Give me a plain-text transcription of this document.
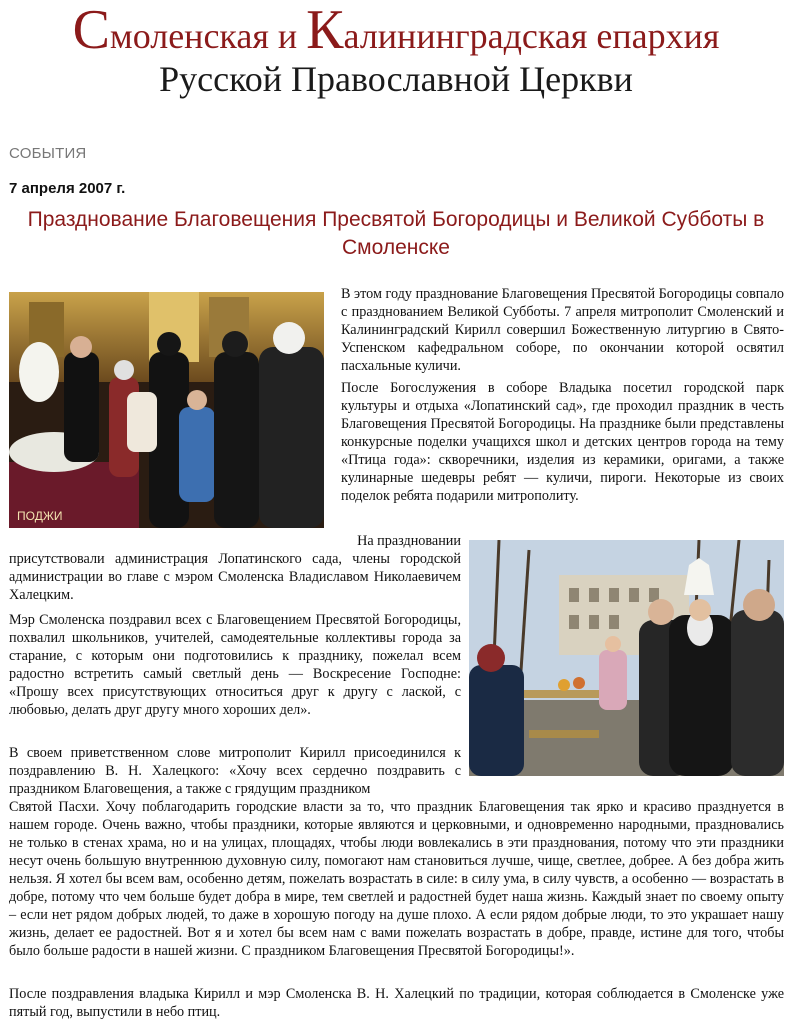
Смоленская и Калининградская епархия
Русской Православной Церкви
СОБЫТИЯ
7 апреля 2007 г.
Празднование Благовещения Пресвятой Богородицы и Великой Субботы в Смоленске
ПОДЖИ
В этом году празднование Благовещения Пресвятой Богородицы совпало с празднованием Великой Субботы. 7 апреля митрополит Смоленский и Калининградский Кирилл совершил Божественную литургию в Свято-Успенском кафедральном соборе, по окончании которой освятил пасхальные куличи.
После Богослужения в соборе Владыка посетил городской парк культуры и отдыха «Лопатинский сад», где проходил праздник в честь Благовещения Пресвятой Богородицы. На празднике были представлены конкурсные поделки учащихся школ и детских центров города на тему «Птица года»: скворечники, изделия из керамики, оригами, а также кулинарные шедевры ребят — куличи, пироги. Некоторые из своих поделок ребята подарили митрополиту.
На праздновании
присутствовали администрация Лопатинского сада, члены городской администрации во главе с мэром Смоленска Владиславом Николаевичем Халецким.
Мэр Смоленска поздравил всех с Благовещением Пресвятой Богородицы, похвалил школьников, учителей, самодеятельные коллективы города за старание, с которым они подготовились к празднику, пожелал всем радостно встретить самый светлый день — Воскресение Господне: «Прошу всех присутствующих относиться друг к другу с лаской, с любовью, делать друг другу много хороших дел».
В своем приветственном слове митрополит Кирилл присоединился к поздравлению В. Н. Халецкого: «Хочу всех сердечно поздравить с праздником Благовещения, а также с грядущим праздником
Святой Пасхи. Хочу поблагодарить городские власти за то, что праздник Благовещения так ярко и красиво празднуется в нашем городе. Очень важно, чтобы праздники, которые являются и церковными, и одновременно народными, праздновались не только в стенах храма, но и на улицах, площадях, чтобы люди вовлекались в эти празднования, потому что эти праздники несут очень большую внутреннюю духовную силу, помогают нам становиться лучше, чище, светлее, добрее. А без добра жить нельзя. Я хотел бы всем вам, особенно детям, пожелать возрастать в силе: в силу ума, в силу чувств, а особенно — возрастать в добре, потому что чем больше будет добра в мире, тем светлей и радостней будет наша жизнь. Каждый знает по своему опыту – если нет рядом добрых людей, то даже в хорошую погоду на душе плохо. А если рядом добрые люди, то это украшает нашу жизнь, делает ее радостней. Вот я и хотел бы всем нам с вами пожелать возрастать в добре, правде, истине для того, чтобы было больше радости в нашей жизни. С праздником Благовещения Пресвятой Богородицы!».
После поздравления владыка Кирилл и мэр Смоленска В. Н. Халецкий по традиции, которая соблюдается в Смоленске уже пятый год, выпустили в небо птиц.
